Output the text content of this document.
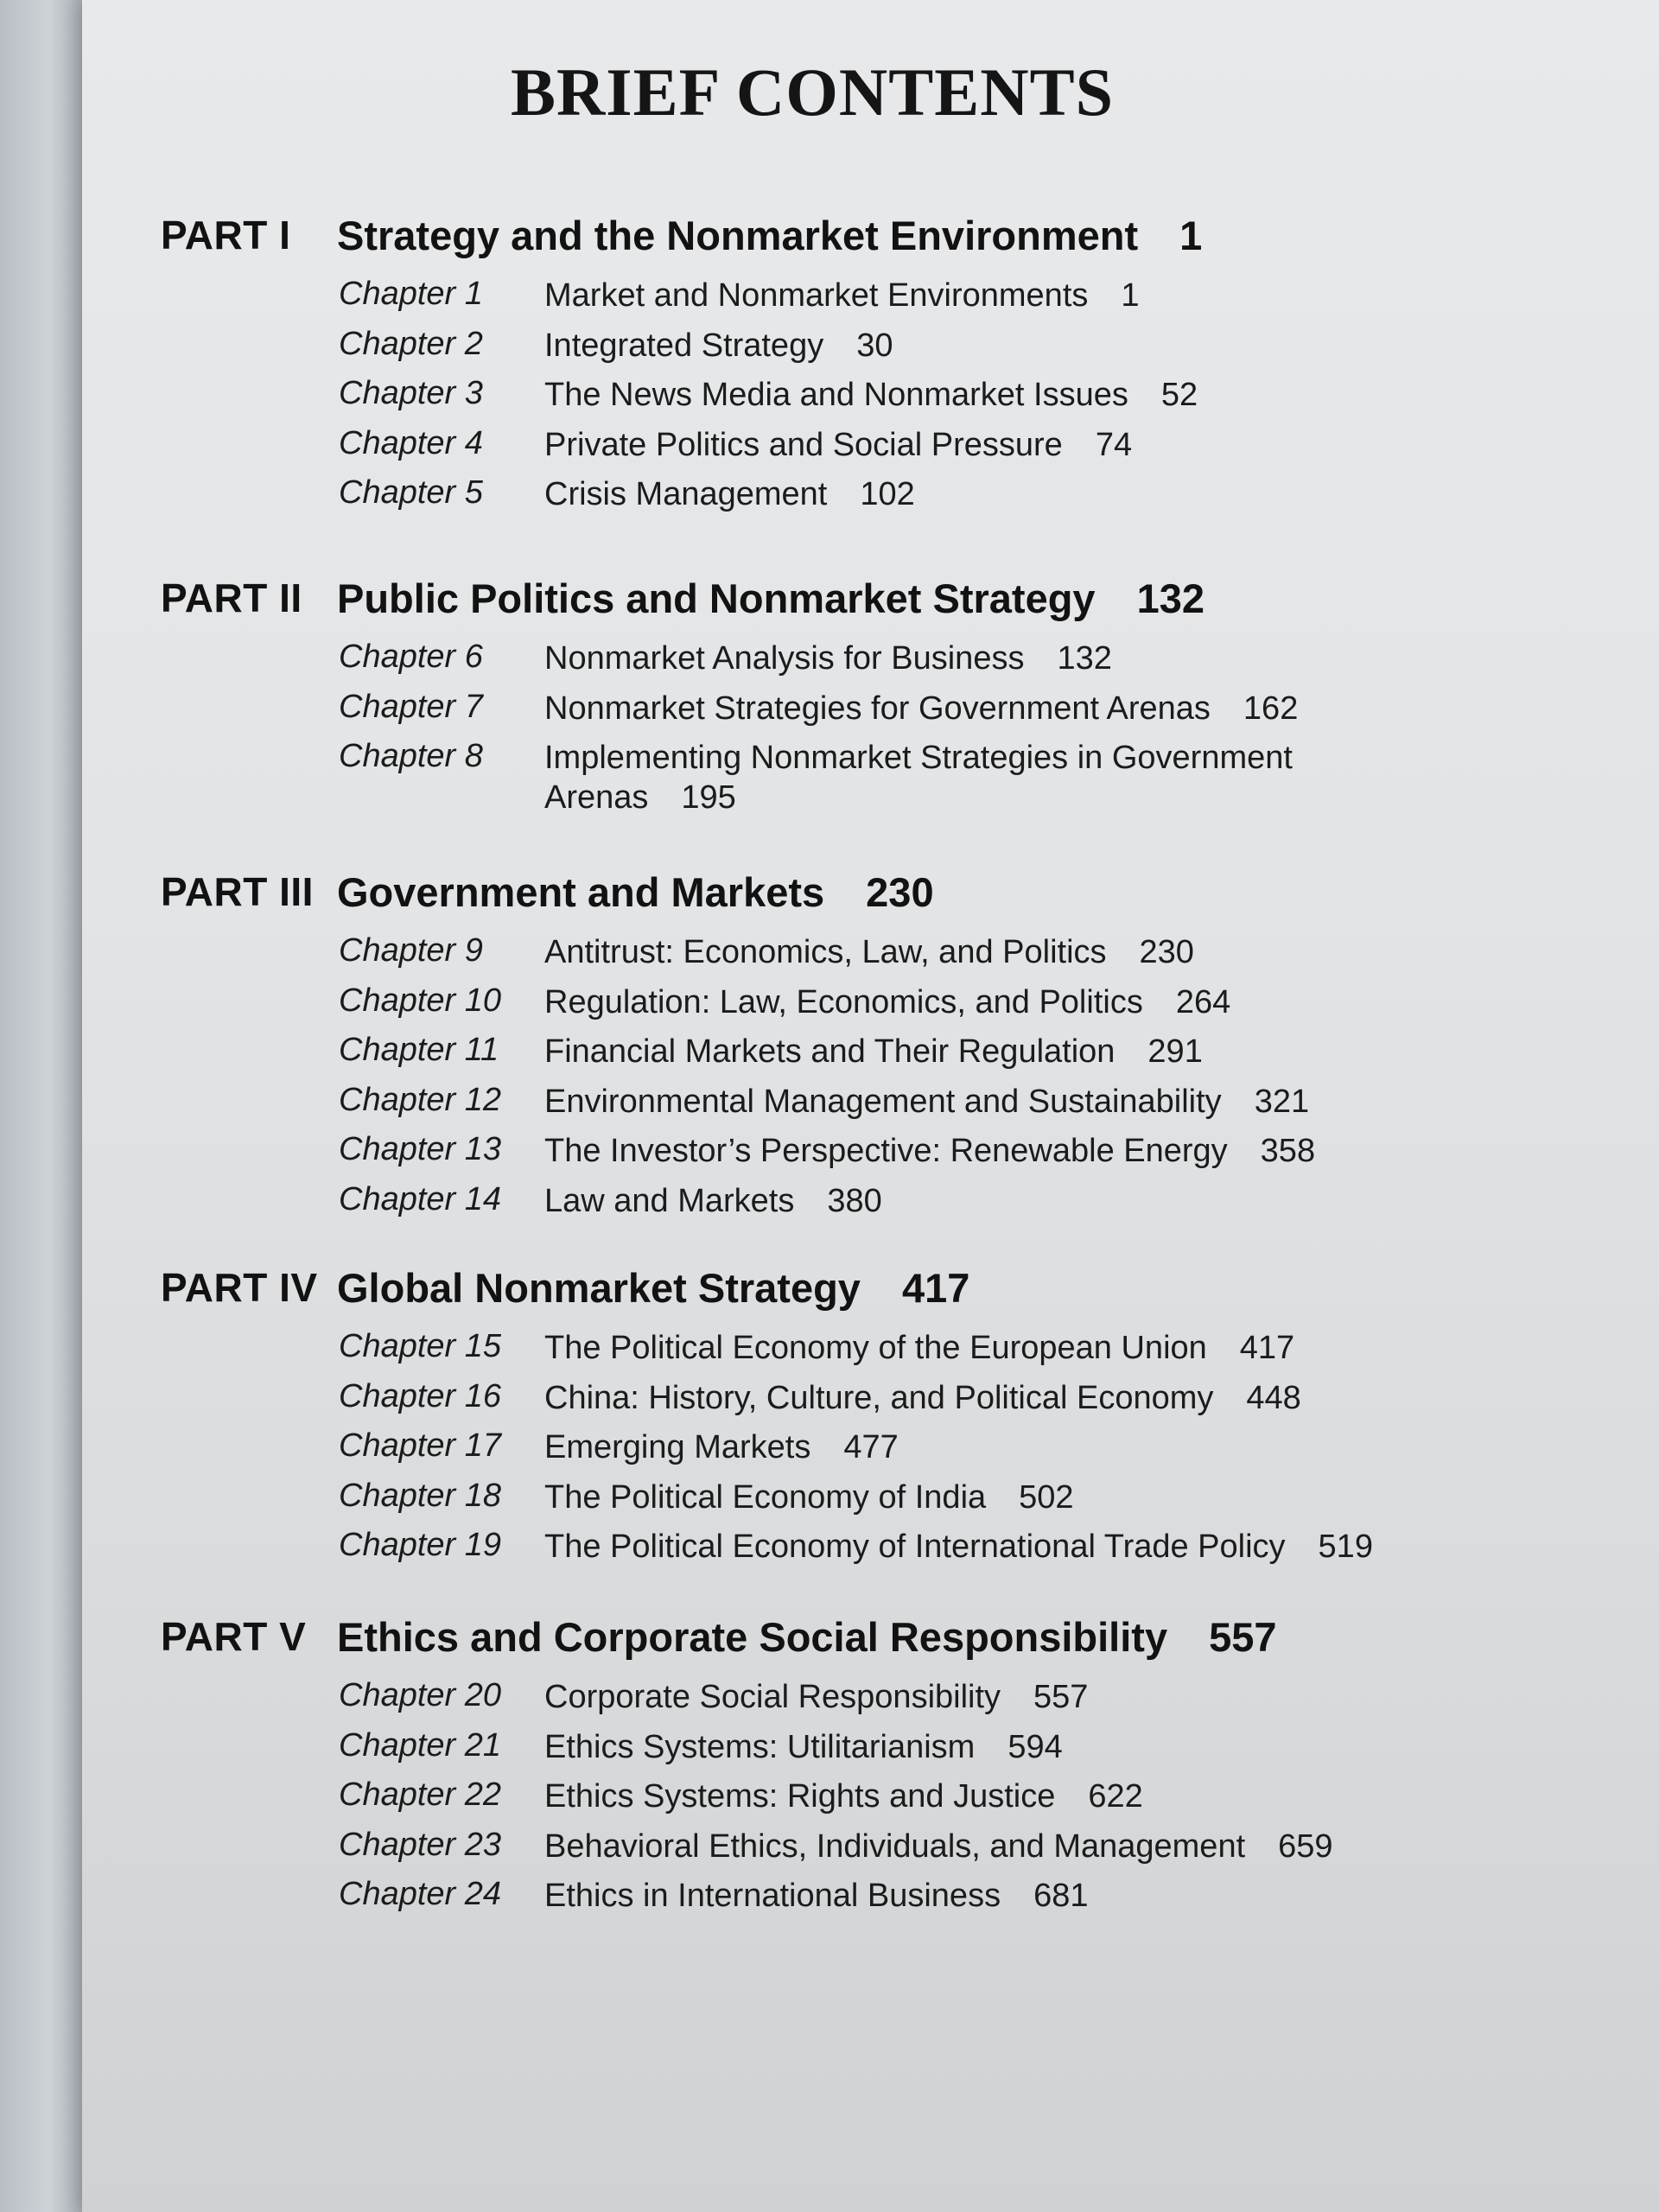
BRIEF CONTENTS
PART I Strategy and the Nonmarket Environment 1
Chapter 1 Market and Nonmarket Environments 1
Chapter 2 Integrated Strategy 30
Chapter 3 The News Media and Nonmarket Issues 52
Chapter 4 Private Politics and Social Pressure 74
Chapter 5 Crisis Management 102
PART II Public Politics and Nonmarket Strategy 132
Chapter 6 Nonmarket Analysis for Business 132
Chapter 7 Nonmarket Strategies for Government Arenas 162
Chapter 8 Implementing Nonmarket Strategies in Government Arenas 195
PART III Government and Markets 230
Chapter 9 Antitrust: Economics, Law, and Politics 230
Chapter 10 Regulation: Law, Economics, and Politics 264
Chapter 11 Financial Markets and Their Regulation 291
Chapter 12 Environmental Management and Sustainability 321
Chapter 13 The Investor’s Perspective: Renewable Energy 358
Chapter 14 Law and Markets 380
PART IV Global Nonmarket Strategy 417
Chapter 15 The Political Economy of the European Union 417
Chapter 16 China: History, Culture, and Political Economy 448
Chapter 17 Emerging Markets 477
Chapter 18 The Political Economy of India 502
Chapter 19 The Political Economy of International Trade Policy 519
PART V Ethics and Corporate Social Responsibility 557
Chapter 20 Corporate Social Responsibility 557
Chapter 21 Ethics Systems: Utilitarianism 594
Chapter 22 Ethics Systems: Rights and Justice 622
Chapter 23 Behavioral Ethics, Individuals, and Management 659
Chapter 24 Ethics in International Business 681
